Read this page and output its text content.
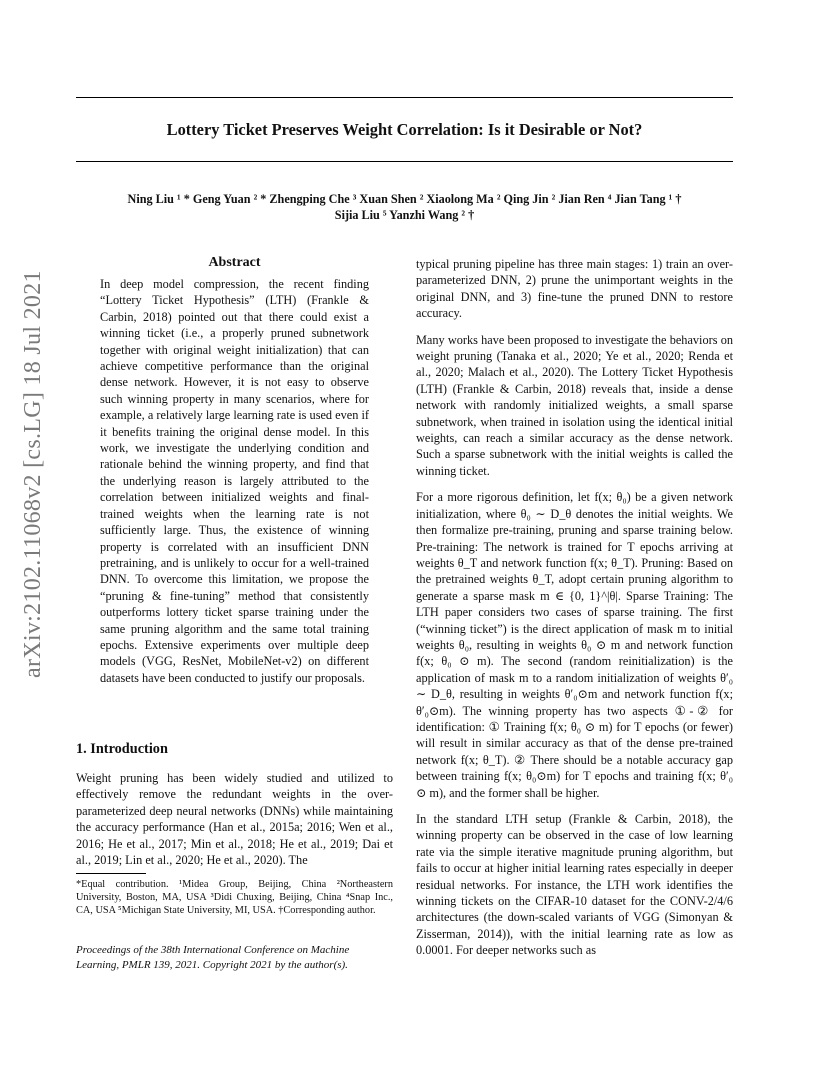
Lottery Ticket Preserves Weight Correlation: Is it Desirable or Not?
Ning Liu ¹ * Geng Yuan ² * Zhengping Che ³ Xuan Shen ² Xiaolong Ma ² Qing Jin ² Jian Ren ⁴ Jian Tang ¹ †
Sijia Liu ⁵ Yanzhi Wang ² †
arXiv:2102.11068v2 [cs.LG] 18 Jul 2021
Abstract

In deep model compression, the recent finding “Lottery Ticket Hypothesis” (LTH) (Frankle & Carbin, 2018) pointed out that there could exist a winning ticket (i.e., a properly pruned subnetwork together with original weight initialization) that can achieve competitive performance than the original dense network. However, it is not easy to observe such winning property in many scenarios, where for example, a relatively large learning rate is used even if it benefits training the original dense model. In this work, we investigate the underlying condition and rationale behind the winning property, and find that the underlying reason is largely attributed to the correlation between initialized weights and final-trained weights when the learning rate is not sufficiently large. Thus, the existence of winning property is correlated with an insufficient DNN pretraining, and is unlikely to occur for a well-trained DNN. To overcome this limitation, we propose the “pruning & fine-tuning” method that consistently outperforms lottery ticket sparse training under the same pruning algorithm and the same total training epochs. Extensive experiments over multiple deep models (VGG, ResNet, MobileNet-v2) on different datasets have been conducted to justify our proposals.

1. Introduction

Weight pruning has been widely studied and utilized to effectively remove the redundant weights in the over-parameterized deep neural networks (DNNs) while maintaining the accuracy performance (Han et al., 2015a; 2016; Wen et al., 2016; He et al., 2017; Min et al., 2018; He et al., 2019; Dai et al., 2019; Lin et al., 2020; He et al., 2020). The

*Equal contribution. ¹Midea Group, Beijing, China ²Northeastern University, Boston, MA, USA ³Didi Chuxing, Beijing, China ⁴Snap Inc., CA, USA ⁵Michigan State University, MI, USA. †Corresponding author.
Proceedings of the 38th International Conference on Machine Learning, PMLR 139, 2021. Copyright 2021 by the author(s).

typical pruning pipeline has three main stages: 1) train an over-parameterized DNN, 2) prune the unimportant weights in the original DNN, and 3) fine-tune the pruned DNN to restore accuracy.

Many works have been proposed to investigate the behaviors on weight pruning (Tanaka et al., 2020; Ye et al., 2020; Renda et al., 2020; Malach et al., 2020). The Lottery Ticket Hypothesis (LTH) (Frankle & Carbin, 2018) reveals that, inside a dense network with randomly initialized weights, a small sparse subnetwork, when trained in isolation using the identical initial weights, can reach a similar accuracy as the dense network. Such a sparse subnetwork with the initial weights is called the winning ticket.

For a more rigorous definition, let f(x; θ₀) be a given network initialization, where θ₀ ∼ D_θ denotes the initial weights. We then formalize pre-training, pruning and sparse training below. Pre-training: The network is trained for T epochs arriving at weights θ_T and network function f(x; θ_T). Pruning: Based on the pretrained weights θ_T, adopt certain pruning algorithm to generate a sparse mask m ∈ {0, 1}^|θ|. Sparse Training: The LTH paper considers two cases of sparse training. The first (“winning ticket”) is the direct application of mask m to initial weights θ₀, resulting in weights θ₀ ⊙ m and network function f(x; θ₀ ⊙ m). The second (random reinitialization) is the application of mask m to a random initialization of weights θ′₀ ∼ D_θ, resulting in weights θ′₀⊙m and network function f(x; θ′₀⊙m). The winning property has two aspects ①-② for identification: ① Training f(x; θ₀ ⊙ m) for T epochs (or fewer) will result in similar accuracy as that of the dense pre-trained network f(x; θ_T). ② There should be a notable accuracy gap between training f(x; θ₀⊙m) for T epochs and training f(x; θ′₀ ⊙ m), and the former shall be higher.

In the standard LTH setup (Frankle & Carbin, 2018), the winning property can be observed in the case of low learning rate via the simple iterative magnitude pruning algorithm, but fails to occur at higher initial learning rates especially in deeper residual networks. For instance, the LTH work identifies the winning tickets on the CIFAR-10 dataset for the CONV-2/4/6 architectures (the down-scaled variants of VGG (Simonyan & Zisserman, 2014)), with the initial learning rate as low as 0.0001. For deeper networks such as
